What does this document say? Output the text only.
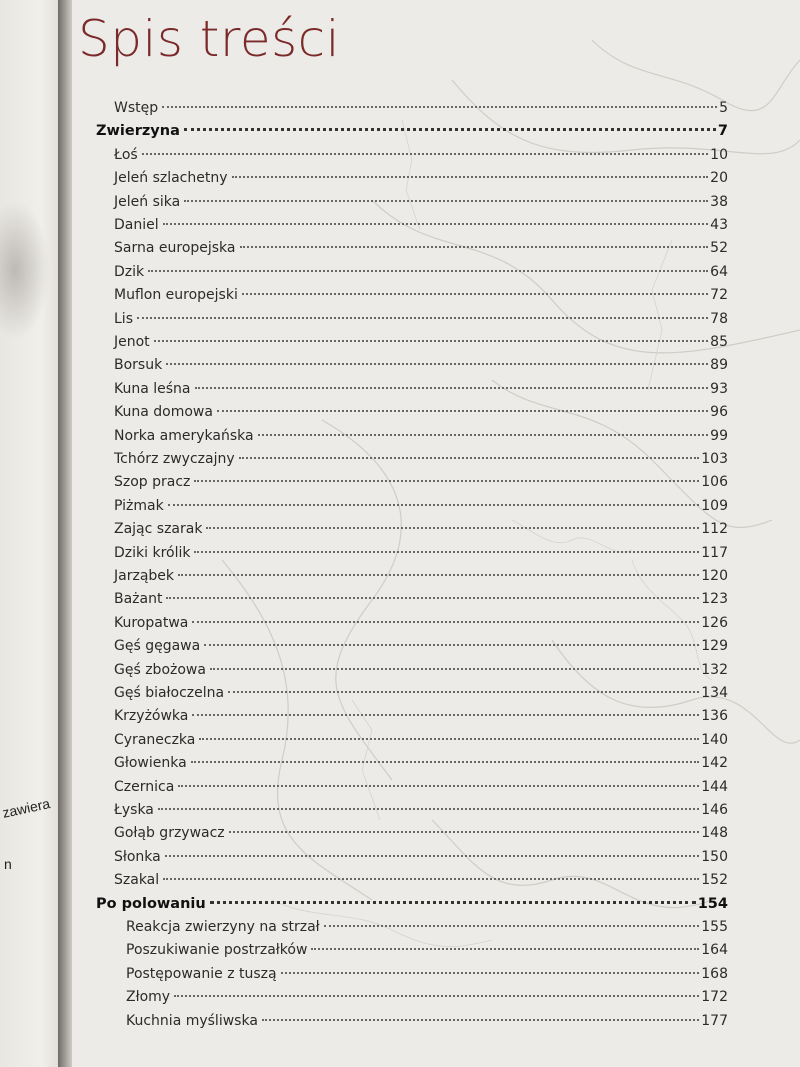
zawiera
n
Spis treści
Wstęp	5
Zwierzyna	7
Łoś	10
Jeleń szlachetny	20
Jeleń sika	38
Daniel	43
Sarna europejska	52
Dzik	64
Muflon europejski	72
Lis	78
Jenot	85
Borsuk	89
Kuna leśna	93
Kuna domowa	96
Norka amerykańska	99
Tchórz zwyczajny	103
Szop pracz	106
Piżmak	109
Zając szarak	112
Dziki królik	117
Jarząbek	120
Bażant	123
Kuropatwa	126
Gęś gęgawa	129
Gęś zbożowa	132
Gęś białoczelna	134
Krzyżówka	136
Cyraneczka	140
Głowienka	142
Czernica	144
Łyska	146
Gołąb grzywacz	148
Słonka	150
Szakal	152
Po polowaniu	154
Reakcja zwierzyny na strzał	155
Poszukiwanie postrzałków	164
Postępowanie z tuszą	168
Złomy	172
Kuchnia myśliwska	177
